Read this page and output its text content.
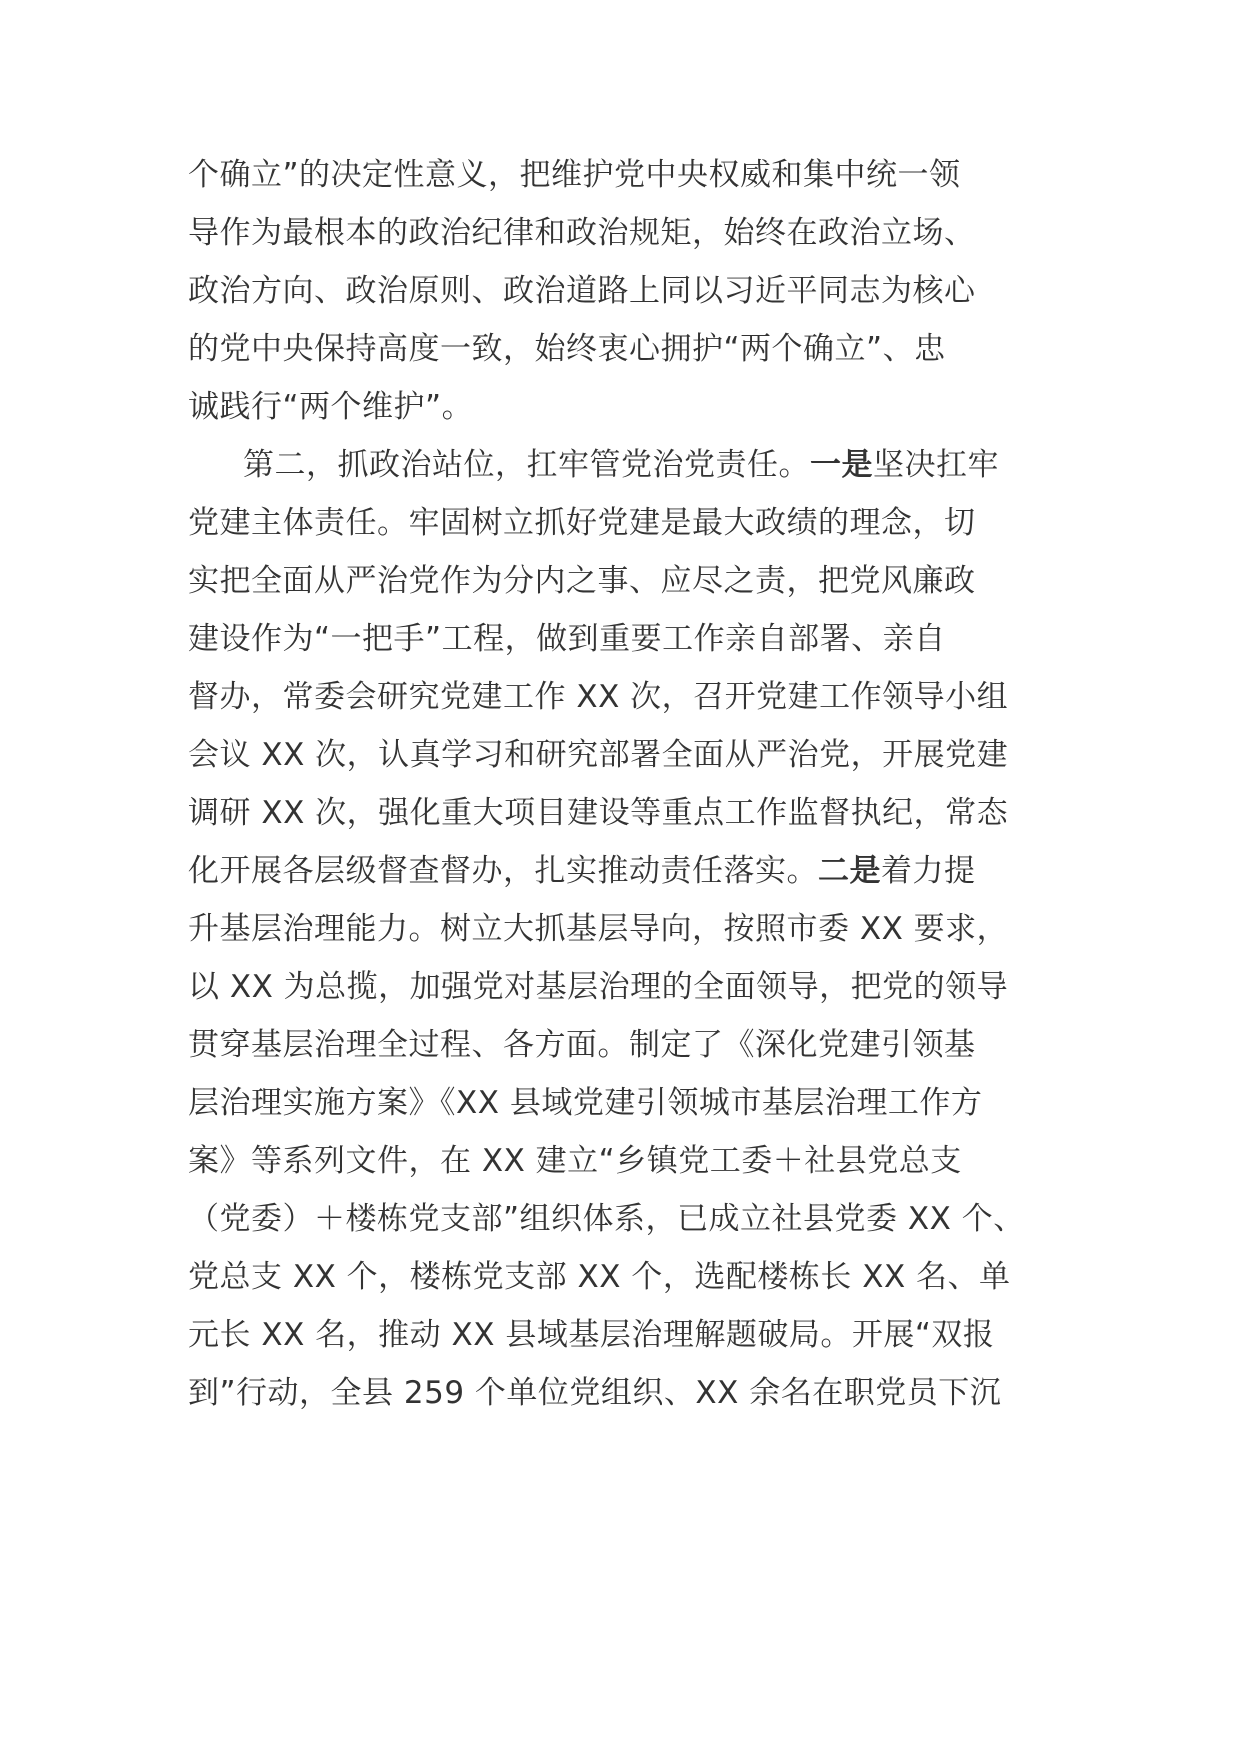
个确立”的决定性意义，把维护党中央权威和集中统一领
导作为最根本的政治纪律和政治规矩，始终在政治立场、
政治方向、政治原则、政治道路上同以习近平同志为核心
的党中央保持高度一致，始终衷心拥护“两个确立”、忠
诚践行“两个维护”。
第二，抓政治站位，扛牢管党治党责任。一是坚决扛牢
党建主体责任。牢固树立抓好党建是最大政绩的理念，切
实把全面从严治党作为分内之事、应尽之责，把党风廉政
建设作为“一把手”工程，做到重要工作亲自部署、亲自
督办，常委会研究党建工作 XX 次，召开党建工作领导小组
会议 XX 次，认真学习和研究部署全面从严治党，开展党建
调研 XX 次，强化重大项目建设等重点工作监督执纪，常态
化开展各层级督查督办，扎实推动责任落实。二是着力提
升基层治理能力。树立大抓基层导向，按照市委 XX 要求，
以 XX 为总揽，加强党对基层治理的全面领导，把党的领导
贯穿基层治理全过程、各方面。制定了《深化党建引领基
层治理实施方案》《XX 县域党建引领城市基层治理工作方
案》等系列文件，在 XX 建立“乡镇党工委＋社县党总支
（党委）＋楼栋党支部”组织体系，已成立社县党委 XX 个、
党总支 XX 个，楼栋党支部 XX 个，选配楼栋长 XX 名、单
元长 XX 名，推动 XX 县域基层治理解题破局。开展“双报
到”行动，全县 259 个单位党组织、XX 余名在职党员下沉
